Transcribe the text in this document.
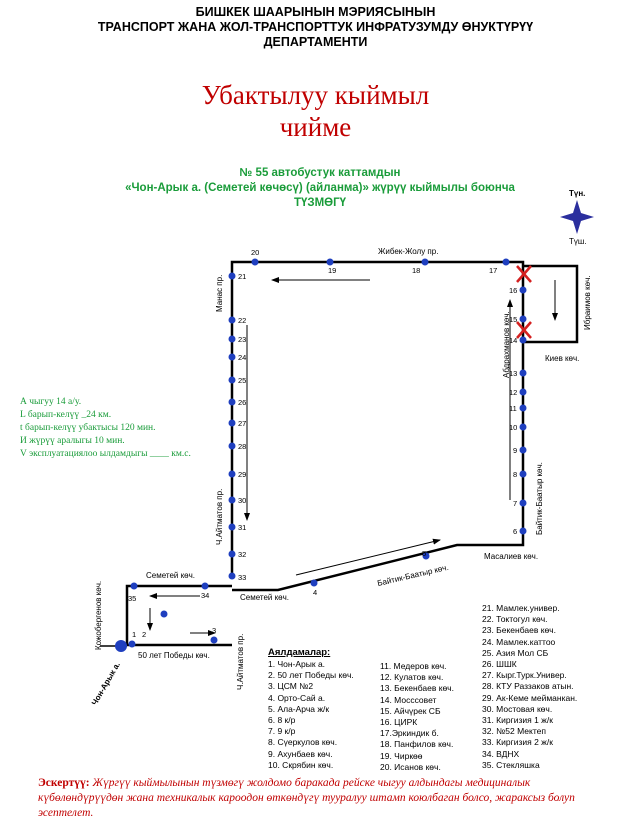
БИШКЕК ШААРЫНЫН МЭРИЯСЫНЫН
ТРАНСПОРТ ЖАНА ЖОЛ-ТРАНСПОРТТУК ИНФРАТУЗУМДУ ӨНУКТҮРҮҮ
ДЕПАРТАМЕНТИ
Убактылуу кыймыл
чийме
№ 55 автобустук каттамдын
«Чон-Арык а. (Семетей көчөсү) (айланма)» жүрүү кыймылы боюнча
ТҮЗМӨГҮ
А чыгуу 14 а/у.
L барып-келүү _24 км.
t барып-келүү убактысы 120 мин.
И жүрүү аралыгы 10 мин.
V эксплуатациялоо ылдамдыгы ____ км.с.
Түн.
Түш.
1 2	3
4
5
6
7
8
9
10
11
12
13
14
15
16
17
18
19
20
21
22
23
24
25
26
27
28
29
30
31
32
33
34
35
Жибек-Жолу пр.
Манас пр.
Ч.Айтматов пр.
Ч.Айтматов пр.
Семетей көч.
Семетей көч.
Байтик-Баатыр көч.
Байтик-Баатыр көч.
Масалиев көч.
Абдрахманов көч.
Ибраимов көч.
Киев көч.
Кожобергенов көч.
50 лет Победы көч.
Чон-Арык а.
Аялдамалар:
1. Чон-Арык а.
2. 50 лет Победы көч.
3. ЦСМ №2
4. Орто-Сай а.
5. Ала-Арча ж/к
6. 8 к/р
7. 9 к/р
8. Сүеркулов көч.
9. Ахунбаев көч.
10. Скрябин көч.
11. Медеров көч.
12. Кулатов көч.
13. Бекенбаев көч.
14. Мосссовет
15. Айчүрек СБ
16. ЦИРК
17.Эркиндик б.
18. Панфилов көч.
19. Чиркөө
20. Исанов көч.
21. Мамлек.универ.
22. Токтогул көч.
23. Бекенбаев көч.
24. Мамлек.каттоо
25. Азия Мол СБ
26. ШШК
27. Кырг.Турк.Универ.
28. КТУ Раззаков атын.
29. Ак-Кеме мейманкан.
30. Мостовая көч.
31. Киргизия 1 ж/к
32. №52 Мектеп
33. Киргизия 2 ж/к
34. ВДНХ
35. Стекляшка
Эскертүү: Жүргүү кыймылынын түзмөгү жолдомо баракада рейске чыгуу алдындагы медициналык күбөлөндүрүүдөн жана техникалык кароодон өткөндүгү тууралуу штамп коюлбаган болсо, жараксыз болуп эсептелет.
